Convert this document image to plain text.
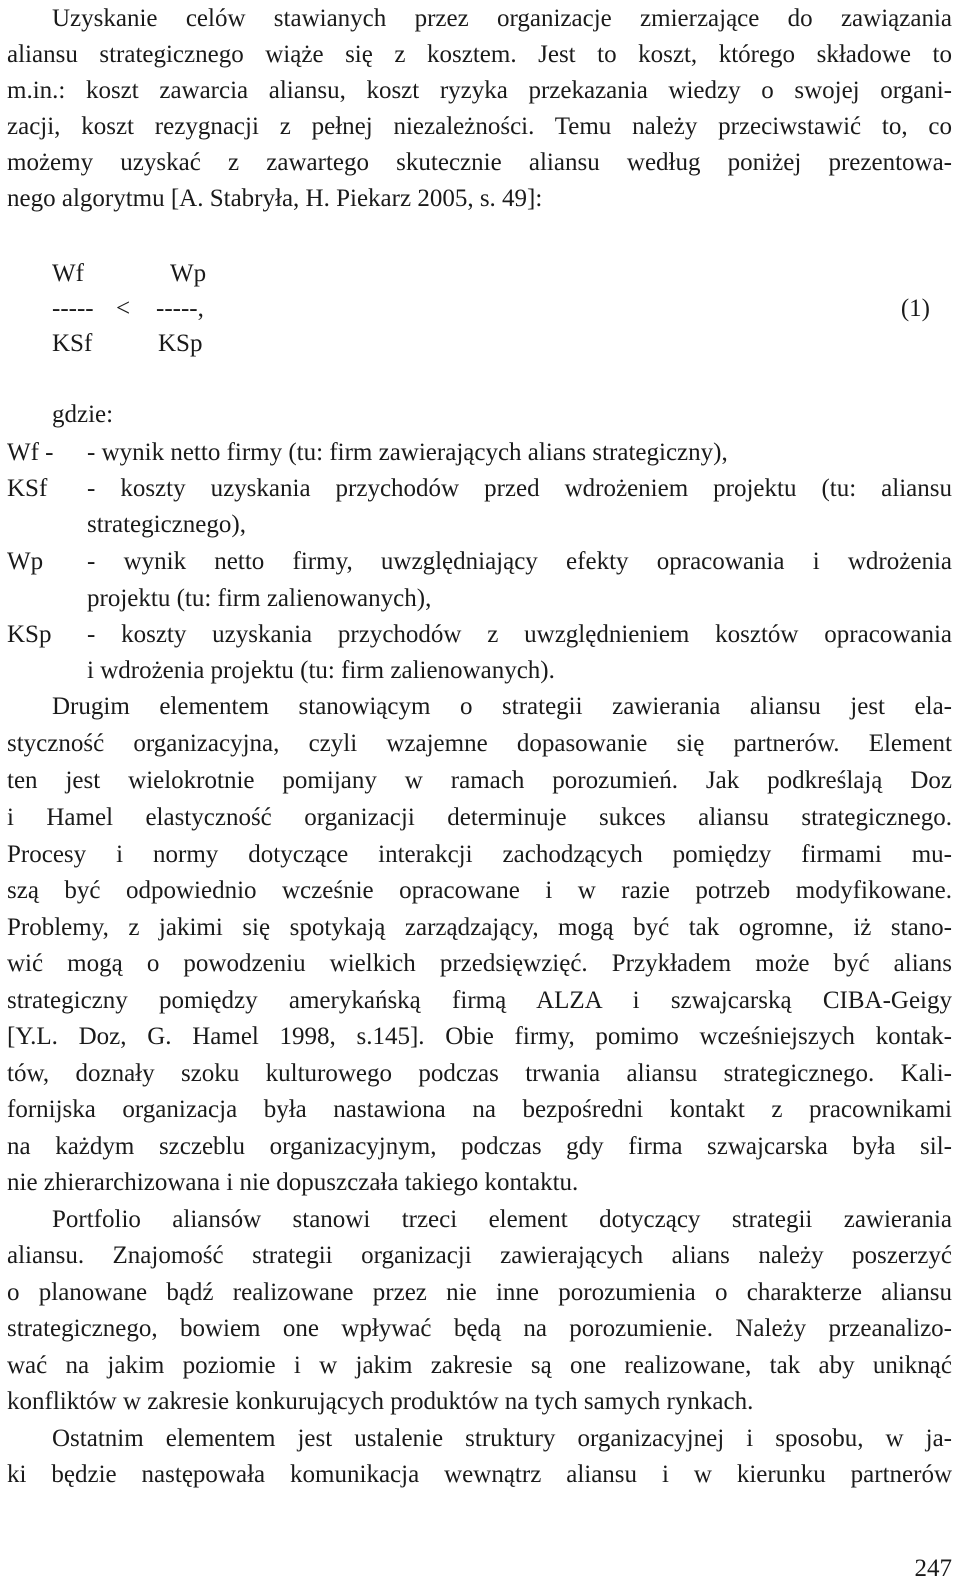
Uzyskanie celów stawianych przez organizacje zmierzające do zawiązania
aliansu strategicznego wiąże się z kosztem. Jest to koszt, którego składowe to
m.in.: koszt zawarcia aliansu, koszt ryzyka przekazania wiedzy o swojej organi-
zacji, koszt rezygnacji z pełnej niezależności. Temu należy przeciwstawić to, co
możemy uzyskać z zawartego skutecznie aliansu według poniżej prezentowa-
nego algorytmu [A. Stabryła, H. Piekarz 2005, s. 49]:
Wf	Wp
----- < -----,
KSf	KSp
(1)
gdzie:
Wf - - wynik netto firmy (tu: firm zawierających alians strategiczny),
KSf - koszty uzyskania przychodów przed wdrożeniem projektu (tu: aliansu
strategicznego),
Wp - wynik netto firmy, uwzględniający efekty opracowania i wdrożenia
projektu (tu: firm zalienowanych),
KSp - koszty uzyskania przychodów z uwzględnieniem kosztów opracowania
i wdrożenia projektu (tu: firm zalienowanych).
Drugim elementem stanowiącym o strategii zawierania aliansu jest ela-
styczność organizacyjna, czyli wzajemne dopasowanie się partnerów. Element
ten jest wielokrotnie pomijany w ramach porozumień. Jak podkreślają Doz
i Hamel elastyczność organizacji determinuje sukces aliansu strategicznego.
Procesy i normy dotyczące interakcji zachodzących pomiędzy firmami mu-
szą być odpowiednio wcześnie opracowane i w razie potrzeb modyfikowane.
Problemy, z jakimi się spotykają zarządzający, mogą być tak ogromne, iż stano-
wić mogą o powodzeniu wielkich przedsięwzięć. Przykładem może być alians
strategiczny pomiędzy amerykańską firmą ALZA i szwajcarską CIBA-Geigy
[Y.L. Doz, G. Hamel 1998, s.145]. Obie firmy, pomimo wcześniejszych kontak-
tów, doznały szoku kulturowego podczas trwania aliansu strategicznego. Kali-
fornijska organizacja była nastawiona na bezpośredni kontakt z pracownikami
na każdym szczeblu organizacyjnym, podczas gdy firma szwajcarska była sil-
nie zhierarchizowana i nie dopuszczała takiego kontaktu.
Portfolio aliansów stanowi trzeci element dotyczący strategii zawierania
aliansu. Znajomość strategii organizacji zawierających alians należy poszerzyć
o planowane bądź realizowane przez nie inne porozumienia o charakterze aliansu
strategicznego, bowiem one wpływać będą na porozumienie. Należy przeanalizo-
wać na jakim poziomie i w jakim zakresie są one realizowane, tak aby uniknąć
konfliktów w zakresie konkurujących produktów na tych samych rynkach.
Ostatnim elementem jest ustalenie struktury organizacyjnej i sposobu, w ja-
ki będzie następowała komunikacja wewnątrz aliansu i w kierunku partnerów
247
